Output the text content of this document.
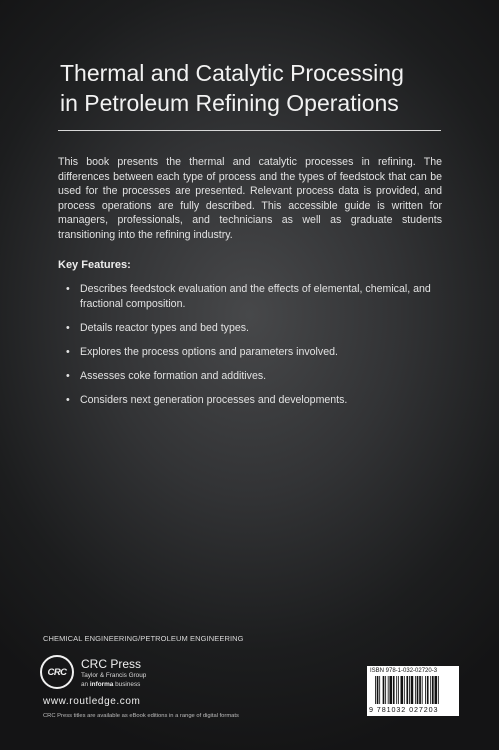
Thermal and Catalytic Processing
in Petroleum Refining Operations

This book presents the thermal and catalytic processes in refining. The differences between each type of process and the types of feedstock that can be used for the processes are presented. Relevant process data is provided, and process operations are fully described. This accessible guide is written for managers, professionals, and technicians as well as graduate students transitioning into the refining industry.

Key Features:

• Describes feedstock evaluation and the effects of elemental, chemical, and fractional composition.
• Details reactor types and bed types.
• Explores the process options and parameters involved.
• Assesses coke formation and additives.
• Considers next generation processes and developments.
CHEMICAL ENGINEERING/PETROLEUM ENGINEERING
CRC
CRC Press
Taylor & Francis Group
an informa business
www.routledge.com
CRC Press titles are available as eBook editions in a range of digital formats
ISBN 978-1-032-02720-3
9 781032 027203
